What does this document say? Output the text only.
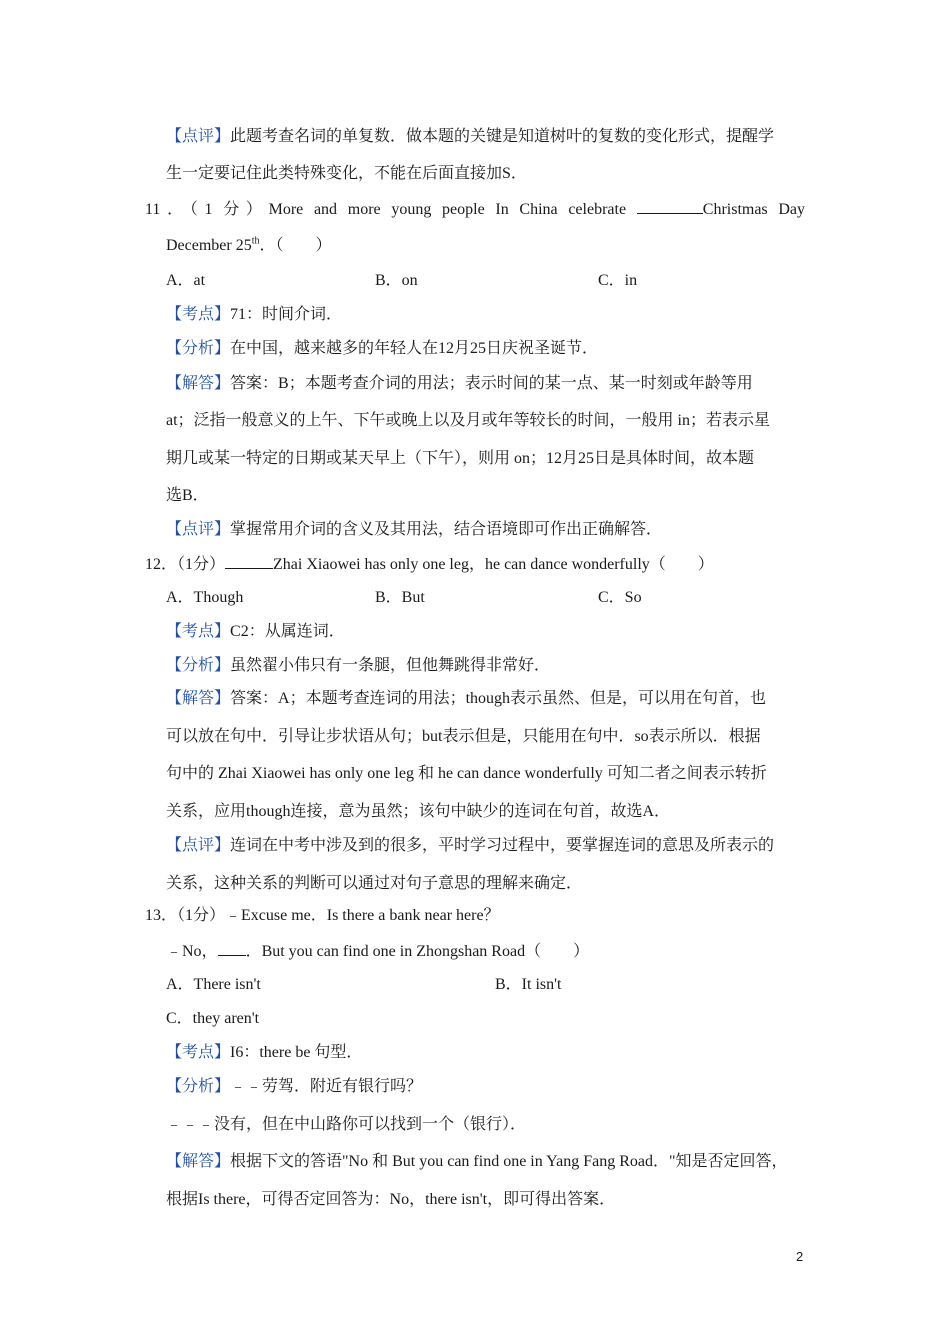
【点评】此题考查名词的单复数．做本题的关键是知道树叶的复数的变化形式，提醒学
生一定要记住此类特殊变化，不能在后面直接加S．
11．（1 分）More and more young people In China celebrate	Christmas Day
December 25th．（　　）
A．at	B．on	C．in
【考点】71：时间介词．
【分析】在中国，越来越多的年轻人在12月25日庆祝圣诞节．
【解答】答案：B；本题考查介词的用法；表示时间的某一点、某一时刻或年龄等用
at；泛指一般意义的上午、下午或晚上以及月或年等较长的时间，一般用 in；若表示星
期几或某一特定的日期或某天早上（下午），则用 on；12月25日是具体时间，故本题
选B．
【点评】掌握常用介词的含义及其用法，结合语境即可作出正确解答．
12．（1分）	Zhai Xiaowei has only one leg，he can dance wonderfully（　　）
A．Though	B．But	C．So
【考点】C2：从属连词．
【分析】虽然翟小伟只有一条腿，但他舞跳得非常好．
【解答】答案：A；本题考查连词的用法；though表示虽然、但是，可以用在句首，也
可以放在句中．引导让步状语从句；but表示但是，只能用在句中．so表示所以．根据
句中的 Zhai Xiaowei has only one leg 和 he can dance wonderfully 可知二者之间表示转折
关系，应用though连接，意为虽然；该句中缺少的连词在句首，故选A．
【点评】连词在中考中涉及到的很多，平时学习过程中，要掌握连词的意思及所表示的
关系，这种关系的判断可以通过对句子意思的理解来确定．
13．（1分）﹣Excuse me．Is there a bank near here？
﹣No， ．But you can find one in Zhongshan Road（　　）
A．There isn't	B．It isn't
C．they aren't
【考点】I6：there be 句型．
【分析】﹣﹣劳驾．附近有银行吗？
﹣﹣﹣没有，但在中山路你可以找到一个（银行）．
【解答】根据下文的答语"No 和 But you can find one in Yang Fang Road．"知是否定回答，
根据Is there，可得否定回答为：No，there isn't，即可得出答案．
2
